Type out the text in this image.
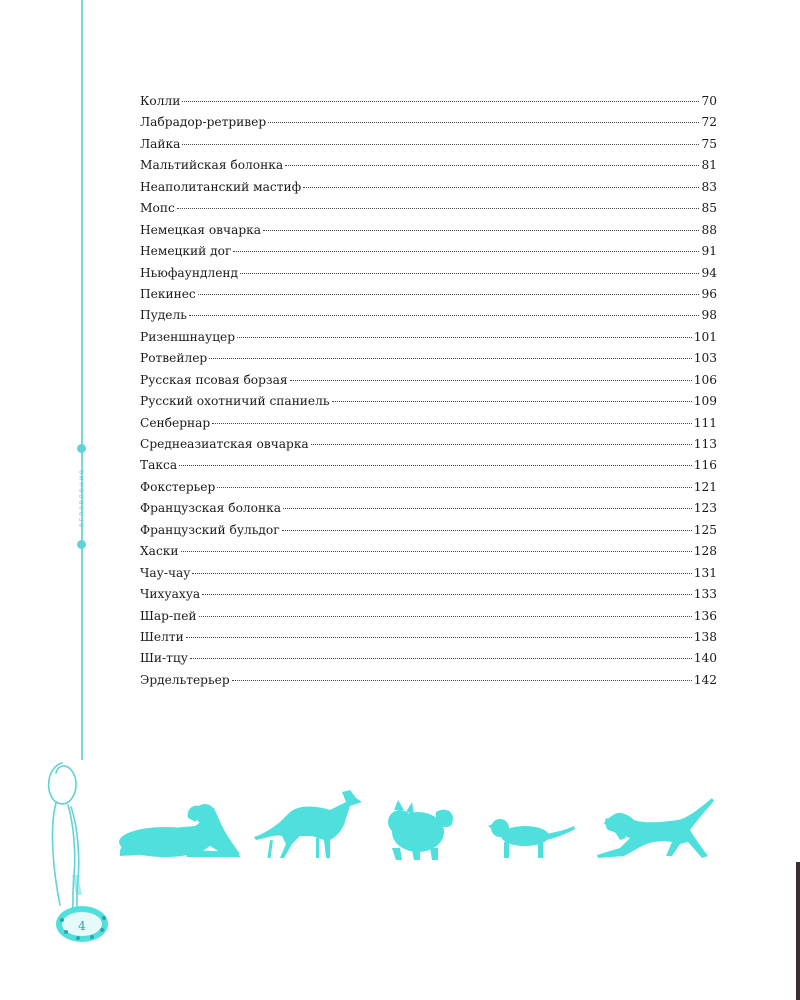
оглавление
Колли	70
Лабрадор-ретривер	72
Лайка	75
Мальтийская болонка	81
Неаполитанский мастиф	83
Мопс	85
Немецкая овчарка	88
Немецкий дог	91
Ньюфаундленд	94
Пекинес	96
Пудель	98
Ризеншнауцер	101
Ротвейлер	103
Русская псовая борзая	106
Русский охотничий спаниель	109
Сенбернар	111
Среднеазиатская овчарка	113
Такса	116
Фокстерьер	121
Французская болонка	123
Французский бульдог	125
Хаски	128
Чау-чау	131
Чихуахуа	133
Шар-пей	136
Шелти	138
Ши-тцу	140
Эрдельтерьер	142
4
